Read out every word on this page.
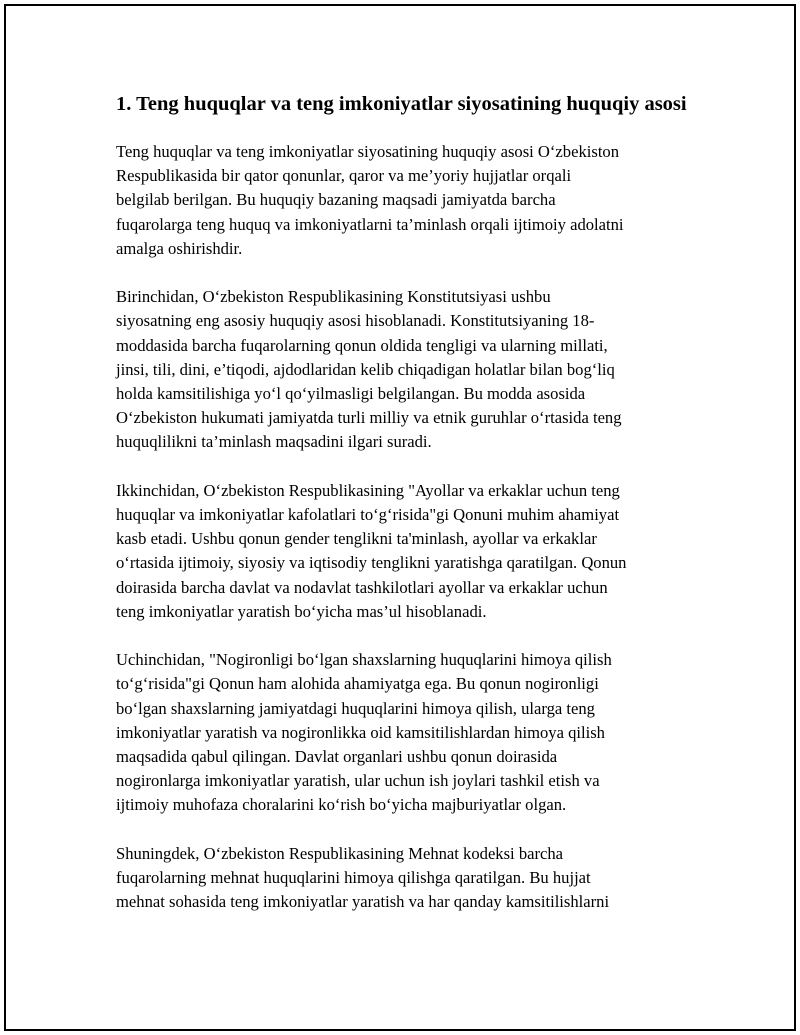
1. Teng huquqlar va teng imkoniyatlar siyosatining huquqiy asosi

Teng huquqlar va teng imkoniyatlar siyosatining huquqiy asosi O‘zbekiston
Respublikasida bir qator qonunlar, qaror va me’yoriy hujjatlar orqali
belgilab berilgan. Bu huquqiy bazaning maqsadi jamiyatda barcha
fuqarolarga teng huquq va imkoniyatlarni ta’minlash orqali ijtimoiy adolatni
amalga oshirishdir.

Birinchidan, O‘zbekiston Respublikasining Konstitutsiyasi ushbu
siyosatning eng asosiy huquqiy asosi hisoblanadi. Konstitutsiyaning 18-
moddasida barcha fuqarolarning qonun oldida tengligi va ularning millati,
jinsi, tili, dini, e’tiqodi, ajdodlaridan kelib chiqadigan holatlar bilan bog‘liq
holda kamsitilishiga yo‘l qo‘yilmasligi belgilangan. Bu modda asosida
O‘zbekiston hukumati jamiyatda turli milliy va etnik guruhlar o‘rtasida teng
huquqlilikni ta’minlash maqsadini ilgari suradi.

Ikkinchidan, O‘zbekiston Respublikasining "Ayollar va erkaklar uchun teng
huquqlar va imkoniyatlar kafolatlari to‘g‘risida"gi Qonuni muhim ahamiyat
kasb etadi. Ushbu qonun gender tenglikni ta'minlash, ayollar va erkaklar
o‘rtasida ijtimoiy, siyosiy va iqtisodiy tenglikni yaratishga qaratilgan. Qonun
doirasida barcha davlat va nodavlat tashkilotlari ayollar va erkaklar uchun
teng imkoniyatlar yaratish bo‘yicha mas’ul hisoblanadi.

Uchinchidan, "Nogironligi bo‘lgan shaxslarning huquqlarini himoya qilish
to‘g‘risida"gi Qonun ham alohida ahamiyatga ega. Bu qonun nogironligi
bo‘lgan shaxslarning jamiyatdagi huquqlarini himoya qilish, ularga teng
imkoniyatlar yaratish va nogironlikka oid kamsitilishlardan himoya qilish
maqsadida qabul qilingan. Davlat organlari ushbu qonun doirasida
nogironlarga imkoniyatlar yaratish, ular uchun ish joylari tashkil etish va
ijtimoiy muhofaza choralarini ko‘rish bo‘yicha majburiyatlar olgan.

Shuningdek, O‘zbekiston Respublikasining Mehnat kodeksi barcha
fuqarolarning mehnat huquqlarini himoya qilishga qaratilgan. Bu hujjat
mehnat sohasida teng imkoniyatlar yaratish va har qanday kamsitilishlarni
